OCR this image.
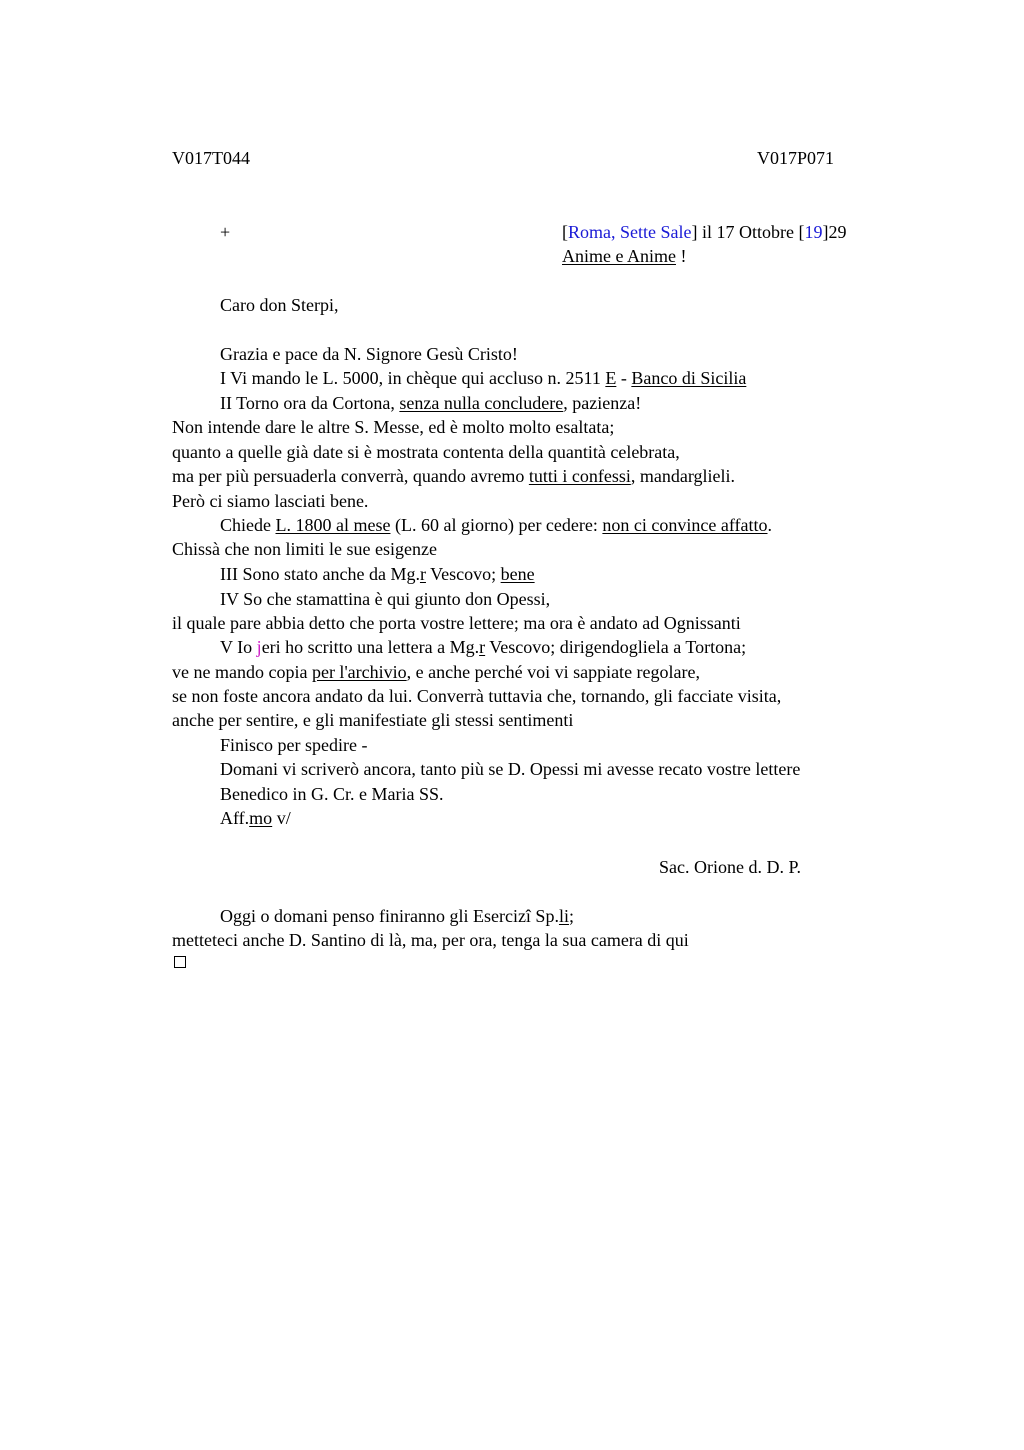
V017T044	V017P071
+	[Roma, Sette Sale] il 17 Ottobre [19]29
Anime e Anime !
Caro don Sterpi,
Grazia e pace da N. Signore Gesù Cristo!
I Vi mando le L. 5000, in chèque qui accluso n. 2511 E - Banco di Sicilia
II Torno ora da Cortona, senza nulla concludere, pazienza!
Non intende dare le altre S. Messe, ed è molto molto esaltata;
quanto a quelle già date si è mostrata contenta della quantità celebrata,
ma per più persuaderla converrà, quando avremo tutti i confessi, mandarglieli.
Però ci siamo lasciati bene.
Chiede L. 1800 al mese (L. 60 al giorno) per cedere: non ci convince affatto.
Chissà che non limiti le sue esigenze
III Sono stato anche da Mg.r Vescovo; bene
IV So che stamattina è qui giunto don Opessi,
il quale pare abbia detto che porta vostre lettere; ma ora è andato ad Ognissanti
V Io jeri ho scritto una lettera a Mg.r Vescovo; dirigendogliela a Tortona;
ve ne mando copia per l'archivio, e anche perché voi vi sappiate regolare,
se non foste ancora andato da lui. Converrà tuttavia che, tornando, gli facciate visita,
anche per sentire, e gli manifestiate gli stessi sentimenti
Finisco per spedire -
Domani vi scriverò ancora, tanto più se D. Opessi mi avesse recato vostre lettere
Benedico in G. Cr. e Maria SS.
Aff.mo v/
Sac. Orione d. D. P.
Oggi o domani penso finiranno gli Esercizî Sp.li;
metteteci anche D. Santino di là, ma, per ora, tenga la sua camera di qui
